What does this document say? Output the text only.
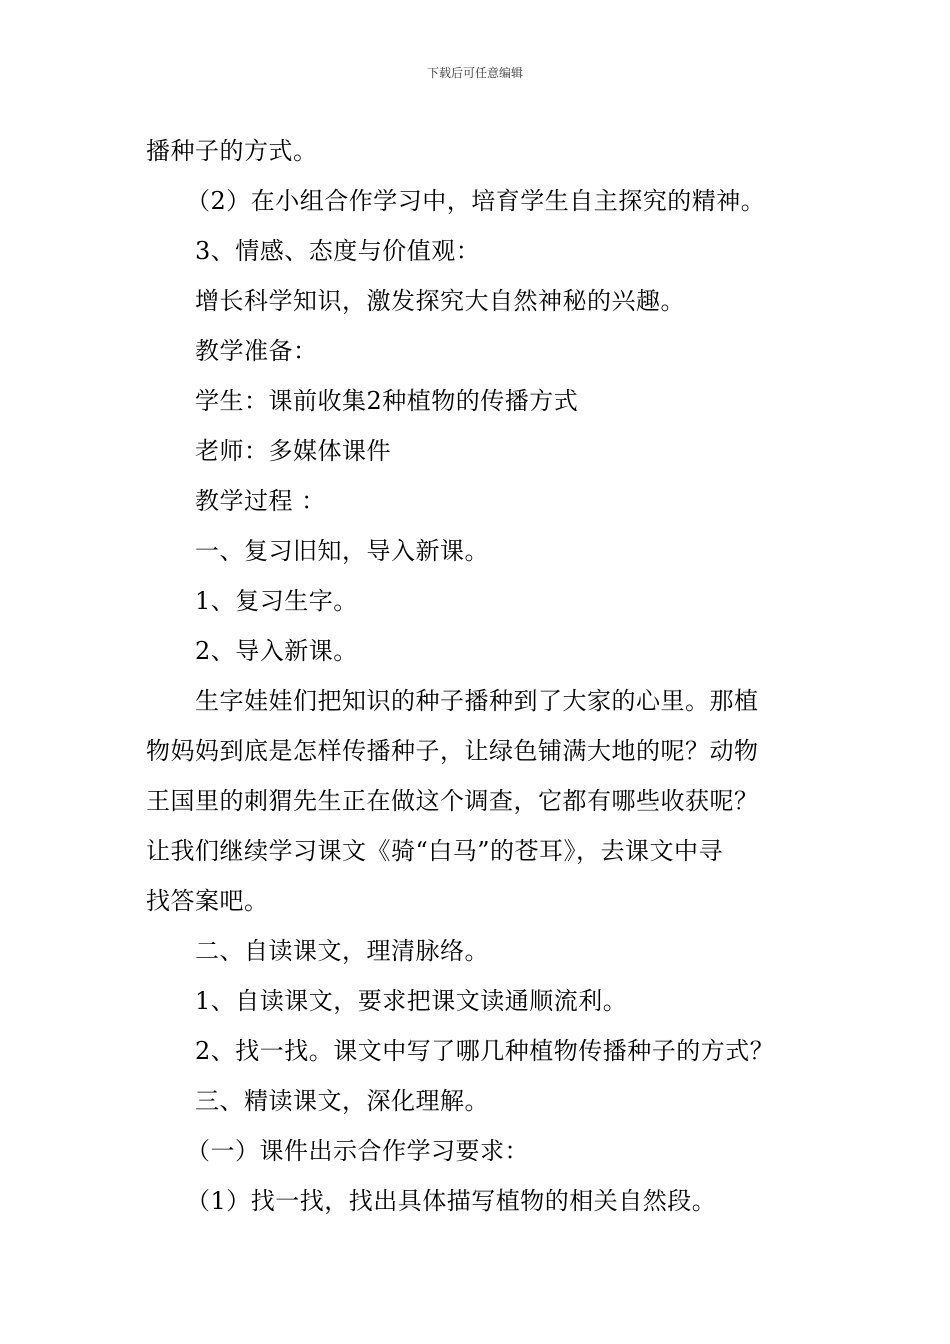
下载后可任意编辑
播种子的方式。
（2）在小组合作学习中，培育学生自主探究的精神。
3、情感、态度与价值观：
增长科学知识，激发探究大自然神秘的兴趣。
教学准备：
学生：课前收集2种植物的传播方式
老师：多媒体课件
教学过程 ：
一、复习旧知，导入新课。
1、复习生字。
2、导入新课。
生字娃娃们把知识的种子播种到了大家的心里。那植
物妈妈到底是怎样传播种子，让绿色铺满大地的呢？动物
王国里的刺猬先生正在做这个调查，它都有哪些收获呢？
让我们继续学习课文《骑“白马”的苍耳》，去课文中寻
找答案吧。
二、自读课文，理清脉络。
1、自读课文，要求把课文读通顺流利。
2、找一找。课文中写了哪几种植物传播种子的方式？
三、精读课文，深化理解。
（一）课件出示合作学习要求：
（1）找一找，找出具体描写植物的相关自然段。
